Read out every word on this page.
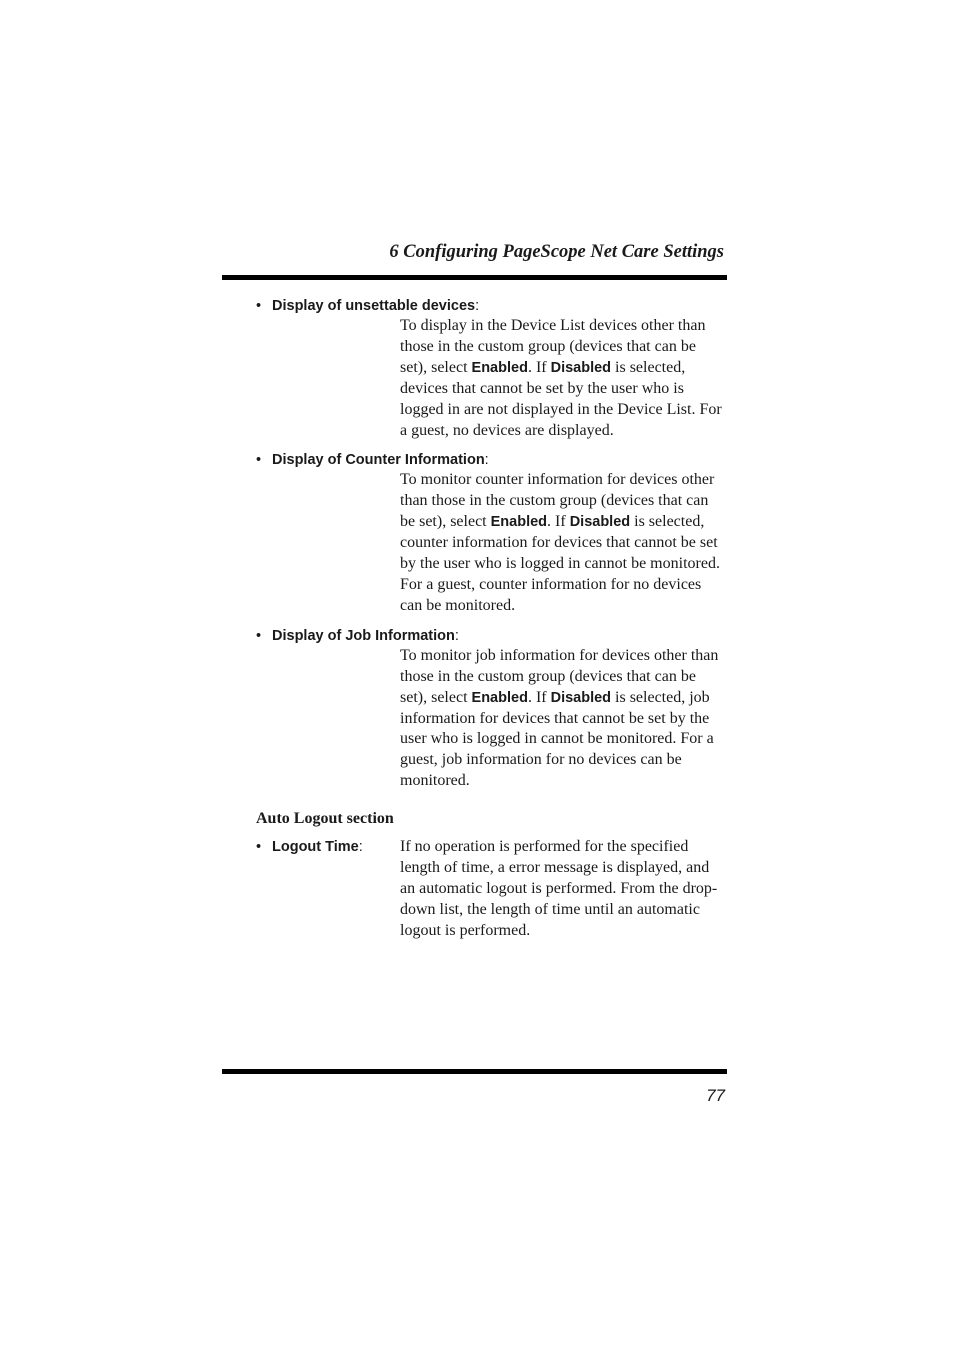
6 Configuring PageScope Net Care Settings
• Display of unsettable devices:
To display in the Device List devices other than those in the custom group (devices that can be set), select Enabled. If Disabled is selected, devices that cannot be set by the user who is logged in are not displayed in the Device List. For a guest, no devices are displayed.
• Display of Counter Information:
To monitor counter information for devices other than those in the custom group (devices that can be set), select Enabled. If Disabled is selected, counter information for devices that cannot be set by the user who is logged in cannot be monitored. For a guest, counter information for no devices can be monitored.
• Display of Job Information:
To monitor job information for devices other than those in the custom group (devices that can be set), select Enabled. If Disabled is selected, job information for devices that cannot be set by the user who is logged in cannot be monitored. For a guest, job information for no devices can be monitored.
Auto Logout section
• Logout Time: If no operation is performed for the specified length of time, a error message is displayed, and an automatic logout is performed. From the drop-down list, the length of time until an automatic logout is performed.
77
